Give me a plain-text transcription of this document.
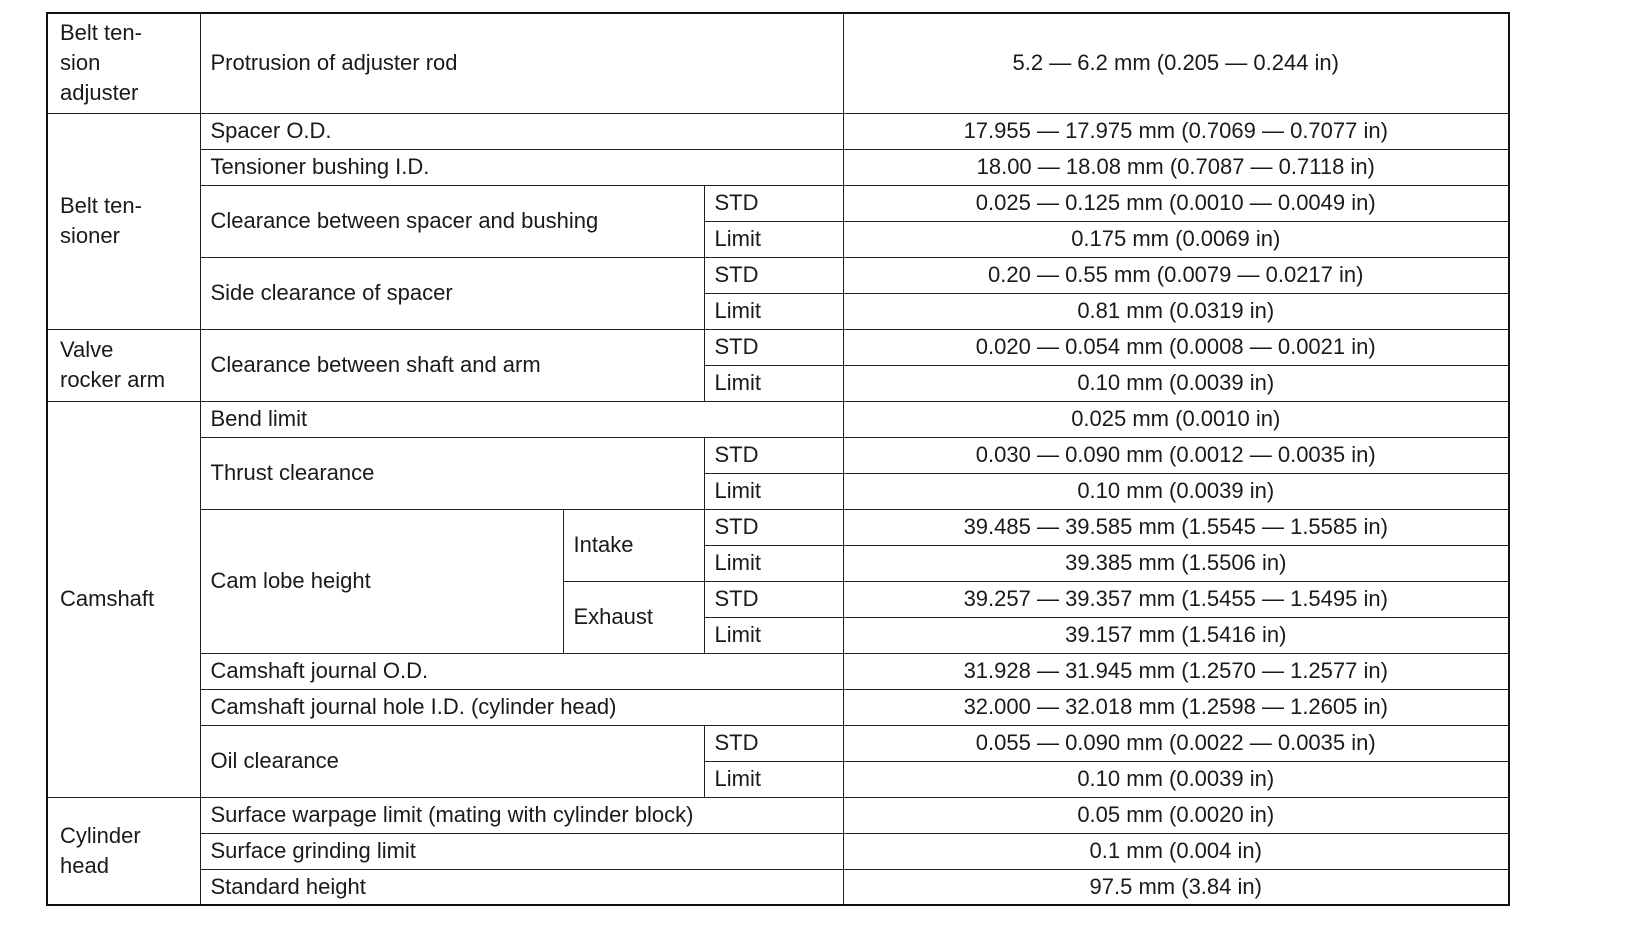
Belt ten-
sion
adjuster	Protrusion of adjuster rod			5.2 — 6.2 mm (0.205 — 0.244 in)
Belt ten-
sioner	Spacer O.D.			17.955 — 17.975 mm (0.7069 — 0.7077 in)
	Tensioner bushing I.D.			18.00 — 18.08 mm (0.7087 — 0.7118 in)
	Clearance between spacer and bushing		STD	0.025 — 0.125 mm (0.0010 — 0.0049 in)
			Limit	0.175 mm (0.0069 in)
	Side clearance of spacer		STD	0.20 — 0.55 mm (0.0079 — 0.0217 in)
			Limit	0.81 mm (0.0319 in)
Valve
rocker arm	Clearance between shaft and arm		STD	0.020 — 0.054 mm (0.0008 — 0.0021 in)
			Limit	0.10 mm (0.0039 in)
Camshaft	Bend limit			0.025 mm (0.0010 in)
	Thrust clearance		STD	0.030 — 0.090 mm (0.0012 — 0.0035 in)
			Limit	0.10 mm (0.0039 in)
	Cam lobe height	Intake	STD	39.485 — 39.585 mm (1.5545 — 1.5585 in)
			Limit	39.385 mm (1.5506 in)
		Exhaust	STD	39.257 — 39.357 mm (1.5455 — 1.5495 in)
			Limit	39.157 mm (1.5416 in)
	Camshaft journal O.D.			31.928 — 31.945 mm (1.2570 — 1.2577 in)
	Camshaft journal hole I.D. (cylinder head)			32.000 — 32.018 mm (1.2598 — 1.2605 in)
	Oil clearance		STD	0.055 — 0.090 mm (0.0022 — 0.0035 in)
			Limit	0.10 mm (0.0039 in)
Cylinder
head	Surface warpage limit (mating with cylinder block)			0.05 mm (0.0020 in)
	Surface grinding limit			0.1 mm (0.004 in)
	Standard height			97.5 mm (3.84 in)
